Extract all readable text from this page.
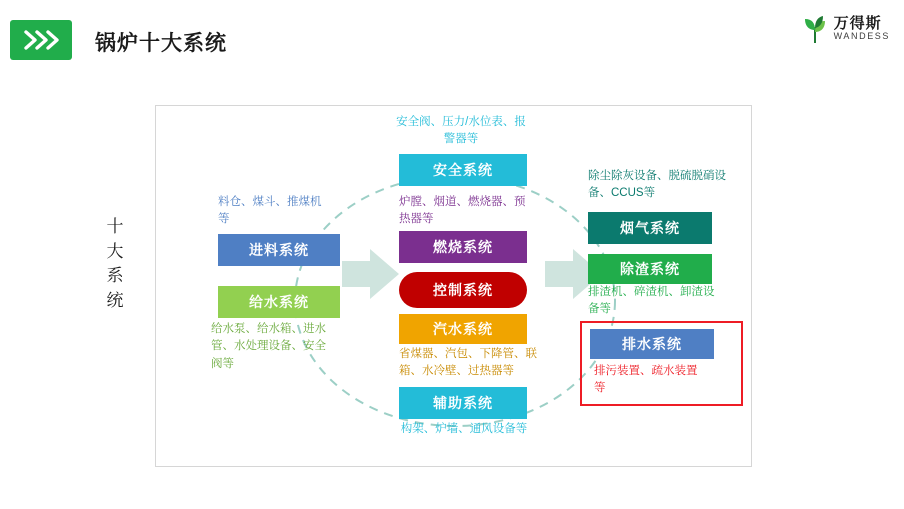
锅炉十大系统
万得斯
WANDESS
十大系统
安全阀、压力/水位表、报警器等
料仓、煤斗、推煤机等
炉膛、烟道、燃烧器、预热器等
给水泵、给水箱、进水管、水处理设备、安全阀等
省煤器、汽包、下降管、联箱、水冷壁、过热器等
构架、炉墙、通风设备等
除尘除灰设备、脱硫脱硝设备、CCUS等
排渣机、碎渣机、卸渣设备等
排污装置、疏水装置等
安全系统
进料系统	燃烧系统
给水系统
控制系统
汽水系统
辅助系统
烟气系统
除渣系统
排水系统
